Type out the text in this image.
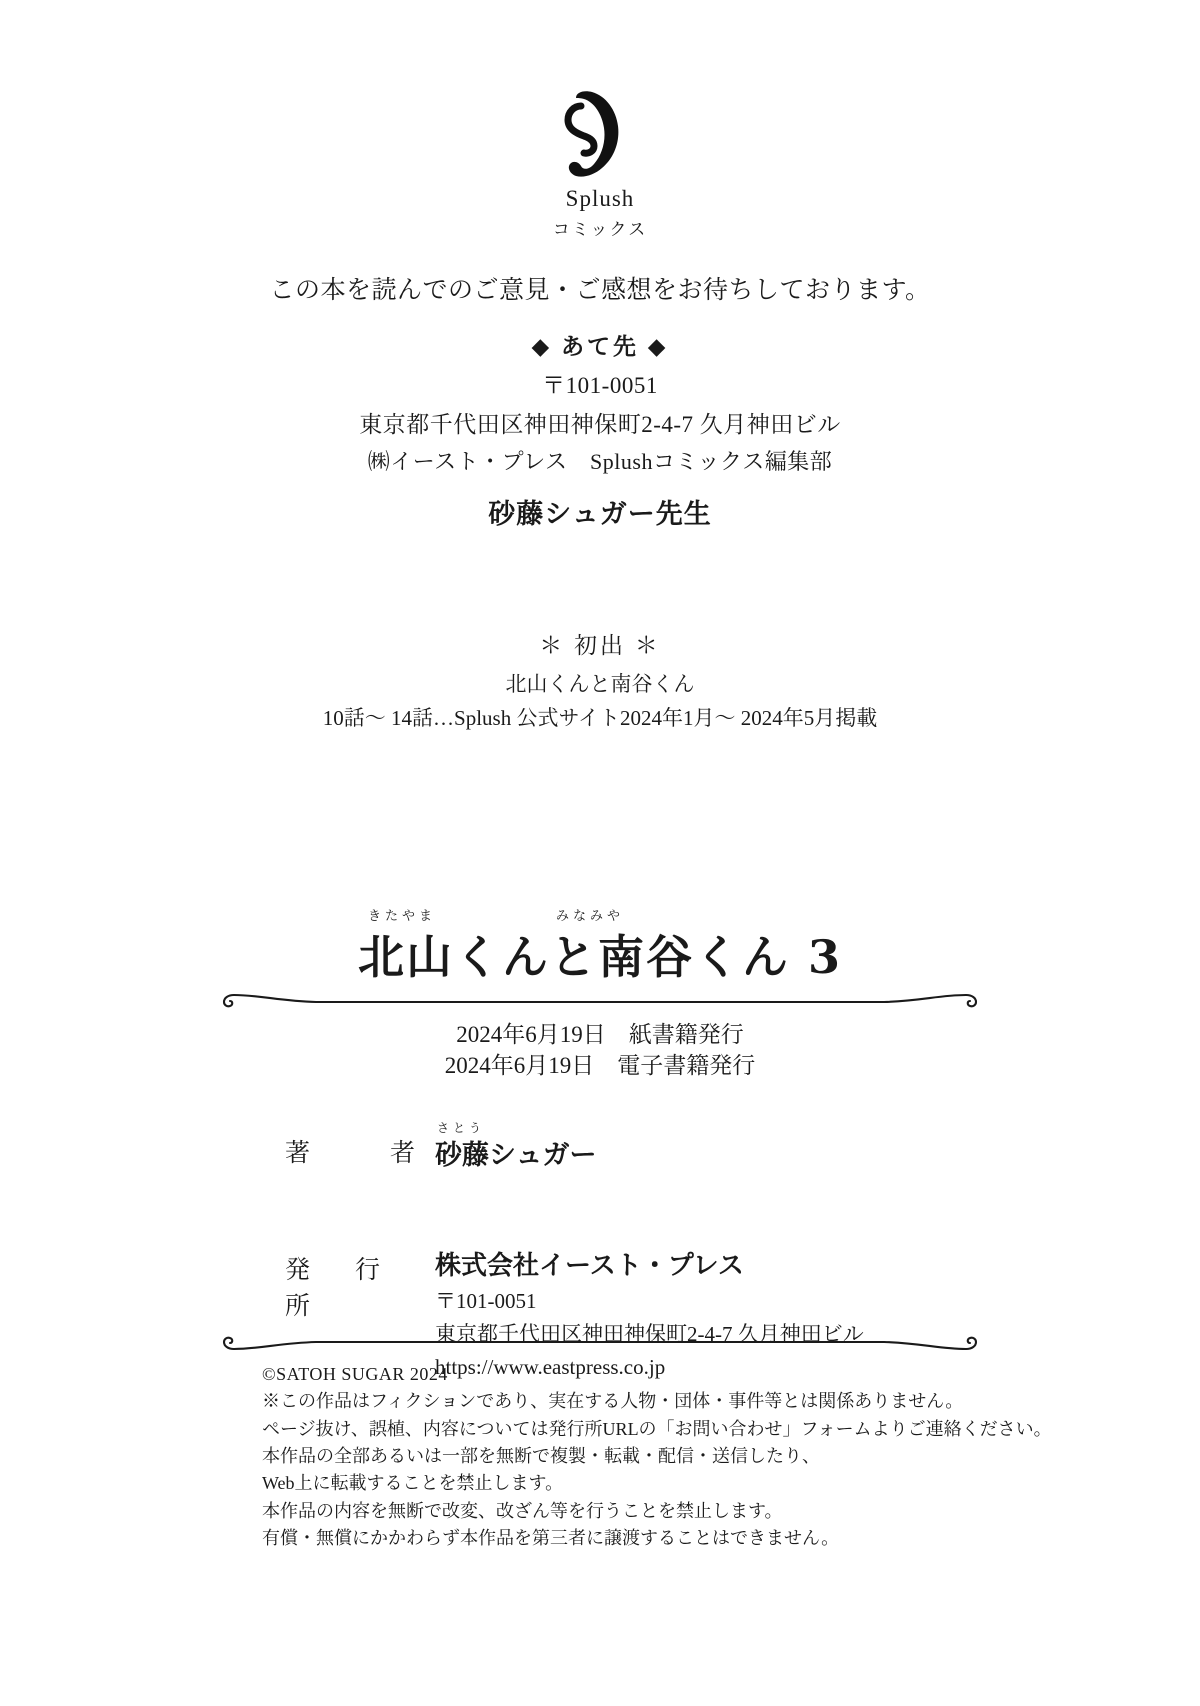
Splush
コミックス
この本を読んでのご意見・ご感想をお待ちしております。
◆ あて先 ◆
〒101-0051
東京都千代田区神田神保町2-4-7 久月神田ビル
㈱イースト・プレス　Splushコミックス編集部
砂藤シュガー先生
＊ 初出 ＊
北山くんと南谷くん
10話〜 14話…Splush 公式サイト2024年1月〜 2024年5月掲載
きたやま	みなみや
北山くんと南谷くん 3
2024年6月19日　紙書籍発行
2024年6月19日　電子書籍発行
著　　者
さとう
砂藤シュガー
発　行　所
株式会社イースト・プレス
〒101-0051
東京都千代田区神田神保町2-4-7 久月神田ビル
https://www.eastpress.co.jp
©SATOH SUGAR 2024
※この作品はフィクションであり、実在する人物・団体・事件等とは関係ありません。
ページ抜け、誤植、内容については発行所URLの「お問い合わせ」フォームよりご連絡ください。
本作品の全部あるいは一部を無断で複製・転載・配信・送信したり、
Web上に転載することを禁止します。
本作品の内容を無断で改変、改ざん等を行うことを禁止します。
有償・無償にかかわらず本作品を第三者に譲渡することはできません。
